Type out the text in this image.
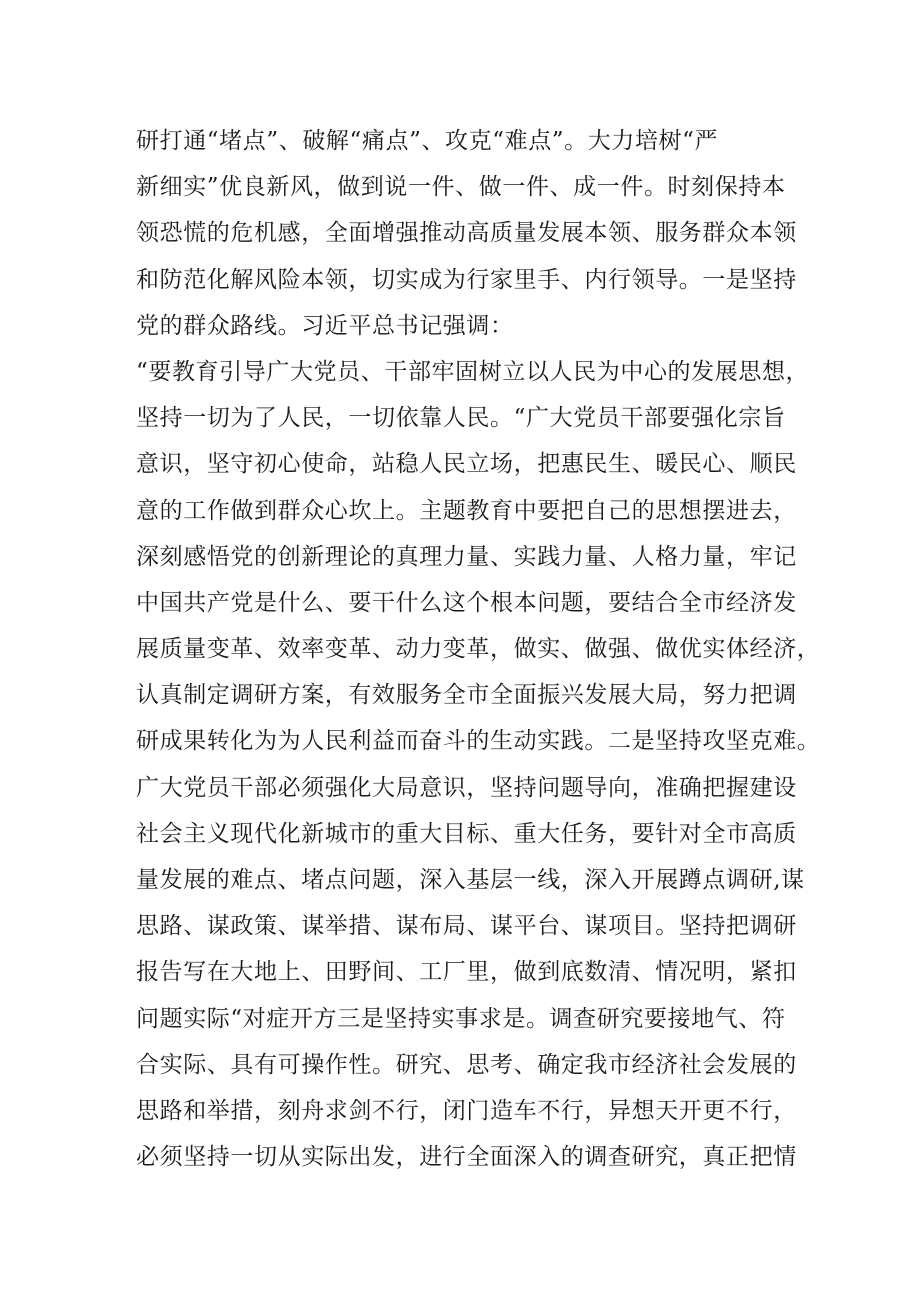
研打通“堵点”、破解“痛点”、攻克“难点”。大力培树“严
新细实”优良新风，做到说一件、做一件、成一件。时刻保持本
领恐慌的危机感，全面增强推动高质量发展本领、服务群众本领
和防范化解风险本领，切实成为行家里手、内行领导。一是坚持
党的群众路线。习近平总书记强调：
“要教育引导广大党员、干部牢固树立以人民为中心的发展思想，
坚持一切为了人民，一切依靠人民。“广大党员干部要强化宗旨
意识，坚守初心使命，站稳人民立场，把惠民生、暖民心、顺民
意的工作做到群众心坎上。主题教育中要把自己的思想摆进去，
深刻感悟党的创新理论的真理力量、实践力量、人格力量，牢记
中国共产党是什么、要干什么这个根本问题，要结合全市经济发
展质量变革、效率变革、动力变革，做实、做强、做优实体经济，
认真制定调研方案，有效服务全市全面振兴发展大局，努力把调
研成果转化为为人民利益而奋斗的生动实践。二是坚持攻坚克难。
广大党员干部必须强化大局意识，坚持问题导向，准确把握建设
社会主义现代化新城市的重大目标、重大任务，要针对全市高质
量发展的难点、堵点问题，深入基层一线，深入开展蹲点调研,谋
思路、谋政策、谋举措、谋布局、谋平台、谋项目。坚持把调研
报告写在大地上、田野间、工厂里，做到底数清、情况明，紧扣
问题实际“对症开方三是坚持实事求是。调查研究要接地气、符
合实际、具有可操作性。研究、思考、确定我市经济社会发展的
思路和举措，刻舟求剑不行，闭门造车不行，异想天开更不行，
必须坚持一切从实际出发，进行全面深入的调查研究，真正把情
